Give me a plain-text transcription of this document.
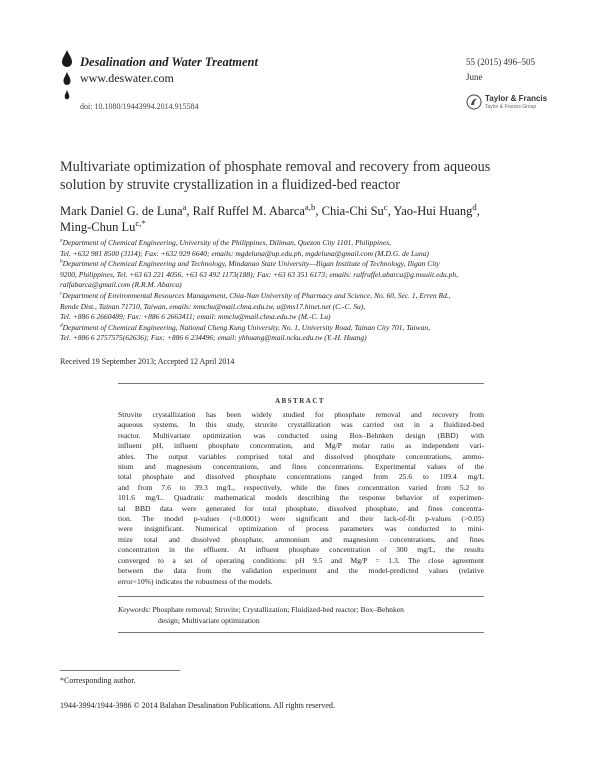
Desalination and Water Treatment
www.deswater.com
doi: 10.1080/19443994.2014.915584
55 (2015) 496–505
June
Taylor & Francis
Taylor & Francis Group
Multivariate optimization of phosphate removal and recovery from aqueous
solution by struvite crystallization in a fluidized-bed reactor
Mark Daniel G. de Luna$^a$, Ralf Ruffel M. Abarca$^{a,b}$, Chia-Chi Su$^c$, Yao-Hui Huang$^d$,
Ming-Chun $Lu^{c,*}$
$^a$Department of Chemical Engineering, University of the Philippines, Diliman, Quezon City 1101, Philippines,
Tel. +632 981 8500 (3114); Fax: +632 929 6640; emails: mgdeluna@up.edu.ph, mgdeluna@gmail.com (M.D.G. de Luna)
$^b$Department of Chemical Engineering and Technology, Mindanao State University—Iligan Institute of Technology, Iligan City
9200, Philippines, Tel. +63 63 221 4056, +63 63 492 1173(188); Fax: +63 63 351 6173; emails: ralfruffel.abarca@g.msuiit.edu.ph,
ralfabarca@gmail.com (R.R.M. Abarca)
$^c$Department of Environmental Resources Management, Chia-Nan University of Pharmacy and Science, No. 60, Sec. 1, Erren Rd.,
Rende Dist., Tainan 71710, Taiwan, emails: mmchu@mail.chna.edu.tw, u@ms17.hinet.net (C.-C. Su),
Tel. +886 6 2660489; Fax: +886 6 2663411; email: mmclu@mail.chna.edu.tw (M.-C. Lu)
$^d$Department of Chemical Engineering, National Cheng Kung University, No. 1, University Road, Tainan City 701, Taiwan,
Tel. +886 6 2757575(62636); Fax: +886 6 234496; email: yhhuang@mail.ncku.edu.tw (Y.-H. Huang)
Received 19 September 2013; Accepted 12 April 2014
ABSTRACT
Struvite crystallization has been widely studied for phosphate removal and recovery from
aqueous systems. In this study, struvite crystallization was carried out in a fluidized-bed
reactor. Multivariate optimization was conducted using Box–Behnken design (BBD) with
influent pH, influent phosphate concentration, and Mg/P molar ratio as independent vari-
ables. The output variables comprised total and dissolved phosphate concentrations, ammo-
nium and magnesium concentrations, and fines concentrations. Experimental values of the
total phosphate and dissolved phosphate concentrations ranged from 25.6 to 109.4 mg/L
and from 7.6 to 39.3 mg/L, respectively, while the fines concentration varied from 5.2 to
101.6 mg/L. Quadratic mathematical models describing the response behavior of experimen-
tal BBD data were generated for total phosphate, dissolved phosphate, and fines concentra-
tion. The model p-values (<0.0001) were significant and their lack-of-fit p-values (>0.05)
were insignificant. Numerical optimization of process parameters was conducted to mini-
mize total and dissolved phosphate, ammonium and magnesium concentrations, and fines
concentration in the effluent. At influent phosphate concentration of 300 mg/L, the results
converged to a set of operating conditions: pH 9.5 and Mg/P = 1.3. The close agreement
between the data from the validation experiment and the model-predicted values (relative
error<10%) indicates the robustness of the models.
Keywords: Phosphate removal; Struvite; Crystallization; Fluidized-bed reactor; Box–Behnken
design; Multivariate optimization
*Corresponding author.
1944-3994/1944-3986 © 2014 Balaban Desalination Publications. All rights reserved.
